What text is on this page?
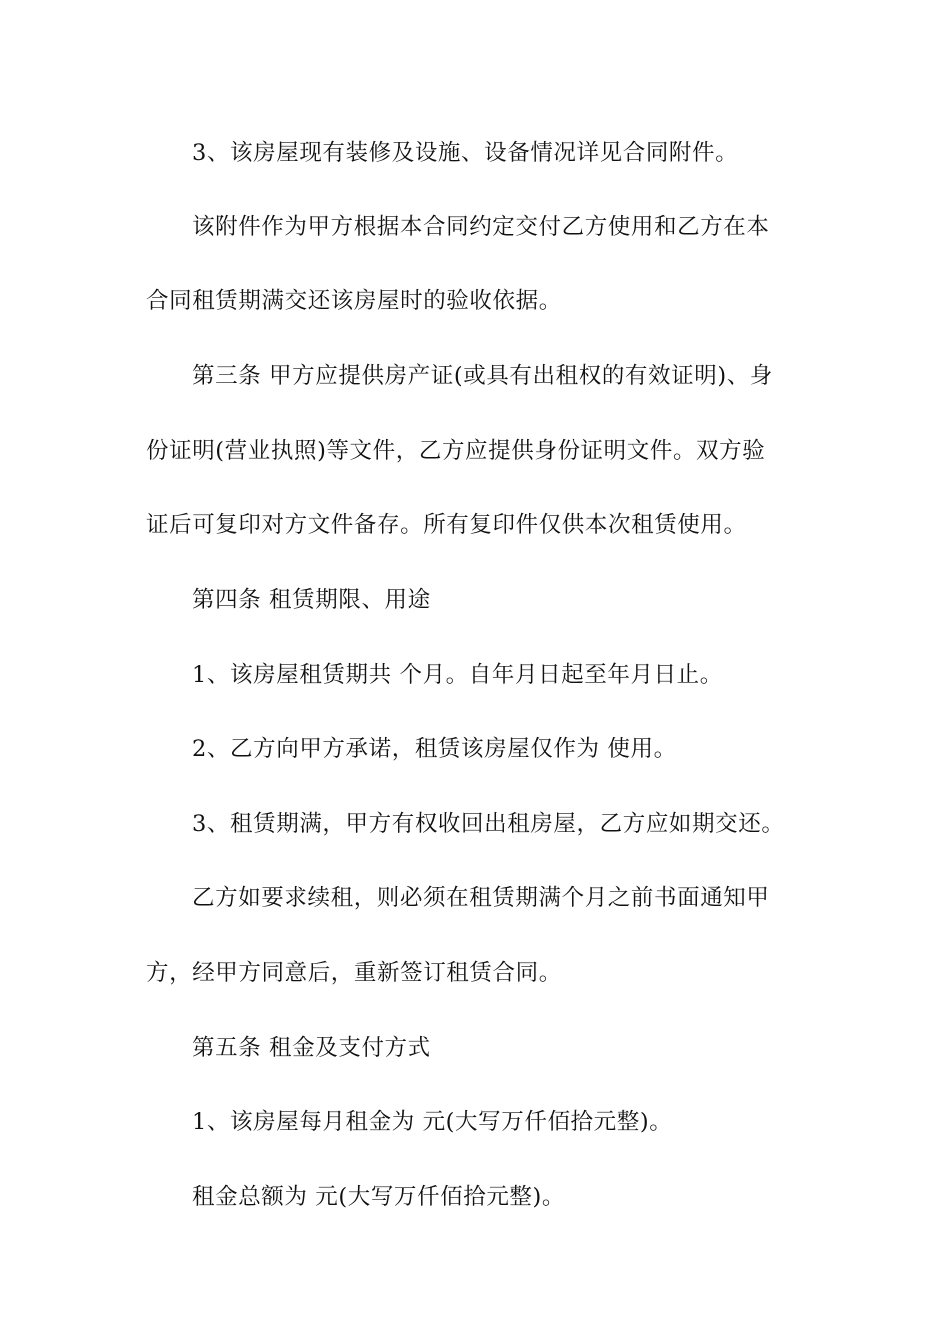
3、该房屋现有装修及设施、设备情况详见合同附件。
该附件作为甲方根据本合同约定交付乙方使用和乙方在本
合同租赁期满交还该房屋时的验收依据。
第三条 甲方应提供房产证(或具有出租权的有效证明)、身
份证明(营业执照)等文件，乙方应提供身份证明文件。双方验
证后可复印对方文件备存。所有复印件仅供本次租赁使用。
第四条 租赁期限、用途
1、该房屋租赁期共 个月。自年月日起至年月日止。
2、乙方向甲方承诺，租赁该房屋仅作为 使用。
3、租赁期满，甲方有权收回出租房屋，乙方应如期交还。
乙方如要求续租，则必须在租赁期满个月之前书面通知甲
方，经甲方同意后，重新签订租赁合同。
第五条 租金及支付方式
1、该房屋每月租金为 元(大写万仟佰拾元整)。
租金总额为 元(大写万仟佰拾元整)。
